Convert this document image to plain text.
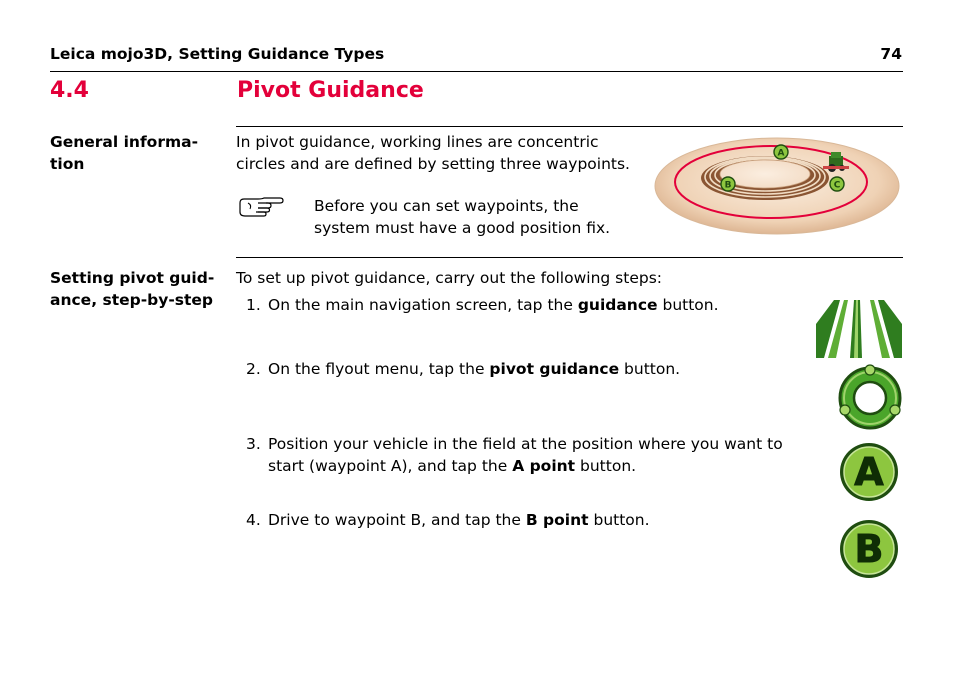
Leica mojo3D, Setting Guidance Types	74
4.4	Pivot Guidance
General informa-
tion
In pivot guidance, working lines are concentric
circles and are defined by setting three waypoints.
Before you can set waypoints, the
system must have a good position fix.
A
B	C
Setting pivot guid-
ance, step-by-step
To set up pivot guidance, carry out the following steps:
1. On the main navigation screen, tap the guidance button.
2. On the flyout menu, tap the pivot guidance button.
3. Position your vehicle in the field at the position where you want to
start (waypoint A), and tap the A point button.
4. Drive to waypoint B, and tap the B point button.
A
B
